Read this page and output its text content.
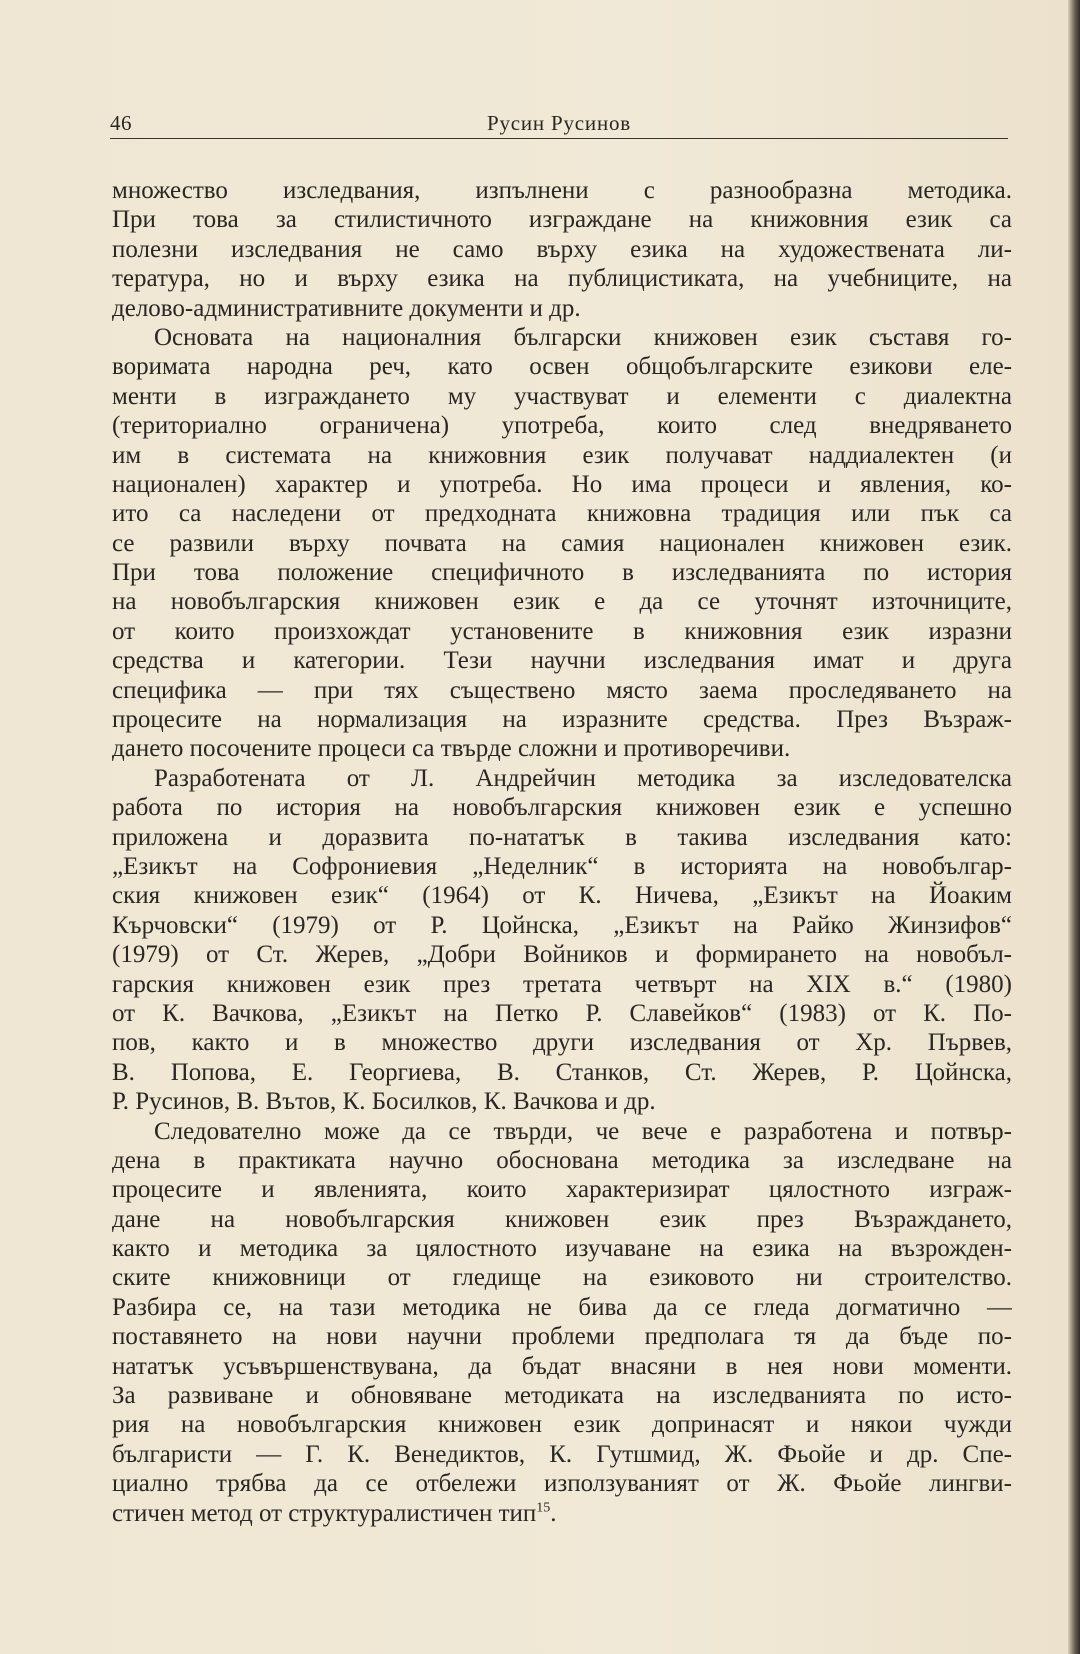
46	Русин Русинов
множество изследвания, изпълнени с разнообразна методика.
При това за стилистичното изграждане на книжовния език са
полезни изследвания не само върху езика на художествената ли-
тература, но и върху езика на публицистиката, на учебниците, на
делово-административните документи и др.
Основата на националния български книжовен език съставя го-
воримата народна реч, като освен общобългарските езикови еле-
менти в изграждането му участвуват и елементи с диалектна
(териториално ограничена) употреба, които след внедряването
им в системата на книжовния език получават наддиалектен (и
национален) характер и употреба. Но има процеси и явления, ко-
ито са наследени от предходната книжовна традиция или пък са
се развили върху почвата на самия национален книжовен език.
При това положение специфичното в изследванията по история
на новобългарския книжовен език е да се уточнят източниците,
от които произхождат установените в книжовния език изразни
средства и категории. Тези научни изследвания имат и друга
специфика — при тях съществено място заема проследяването на
процесите на нормализация на изразните средства. През Възраж-
дането посочените процеси са твърде сложни и противоречиви.
Разработената от Л. Андрейчин методика за изследователска
работа по история на новобългарския книжовен език е успешно
приложена и доразвита по-нататък в такива изследвания като:
„Езикът на Софрониевия „Неделник“ в историята на новобългар-
ския книжовен език“ (1964) от К. Ничева, „Езикът на Йоаким
Кърчовски“ (1979) от Р. Цойнска, „Езикът на Райко Жинзифов“
(1979) от Ст. Жерев, „Добри Войников и формирането на новобъл-
гарския книжовен език през третата четвърт на XIX в.“ (1980)
от К. Вачкова, „Езикът на Петко Р. Славейков“ (1983) от К. По-
пов, както и в множество други изследвания от Хр. Първев,
В. Попова, Е. Георгиева, В. Станков, Ст. Жерев, Р. Цойнска,
Р. Русинов, В. Вътов, К. Босилков, К. Вачкова и др.
Следователно може да се твърди, че вече е разработена и потвър-
дена в практиката научно обоснована методика за изследване на
процесите и явленията, които характеризират цялостното изграж-
дане на новобългарския книжовен език през Възраждането,
както и методика за цялостното изучаване на езика на възрожден-
ските книжовници от гледище на езиковото ни строителство.
Разбира се, на тази методика не бива да се гледа догматично —
поставянето на нови научни проблеми предполага тя да бъде по-
нататък усъвършенствувана, да бъдат внасяни в нея нови моменти.
За развиване и обновяване методиката на изследванията по исто-
рия на новобългарския книжовен език допринасят и някои чужди
българисти — Г. К. Венедиктов, К. Гутшмид, Ж. Фьойе и др. Спе-
циално трябва да се отбележи използуваният от Ж. Фьойе лингви-
стичен метод от структуралистичен тип$^{15}$.
